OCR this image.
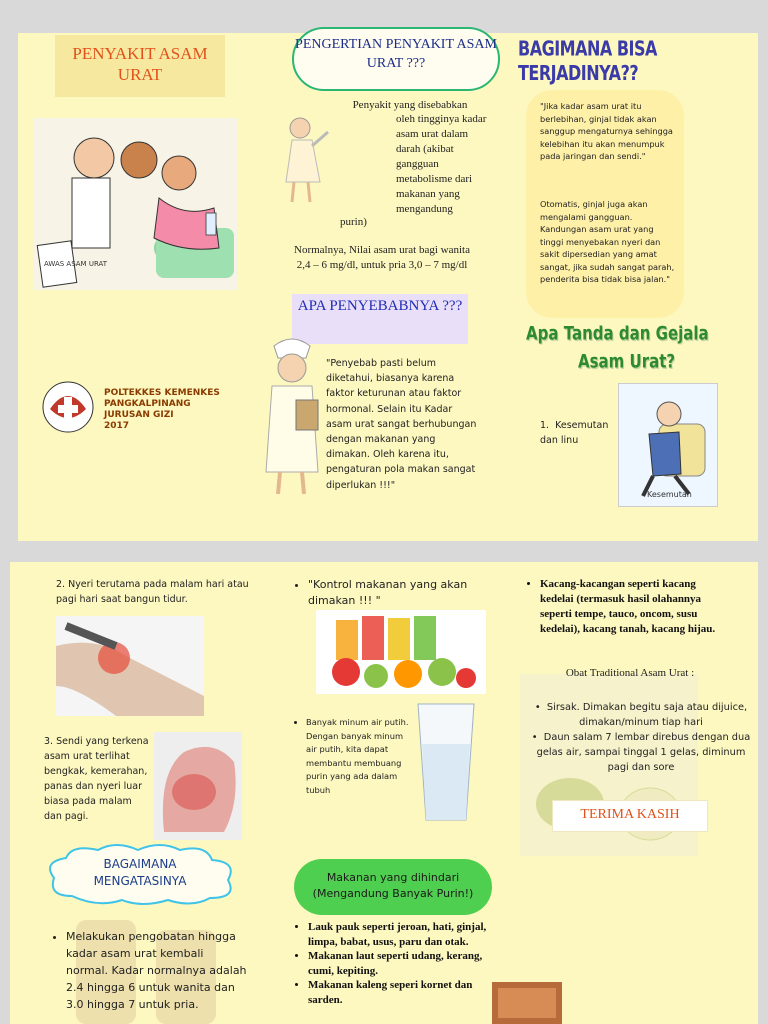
PENYAKIT ASAM URAT
AWAS ASAM URAT
PENGERTIAN PENYAKIT ASAM URAT ???
BAGIMANA BISA TERJADINYA??
Penyakit yang disebabkan
oleh tingginya kadar asam urat dalam darah (akibat gangguan metabolisme dari makanan yang mengandung
purin)
Normalnya, Nilai asam urat bagi wanita 2,4 – 6 mg/dl, untuk pria 3,0 – 7 mg/dl
APA PENYEBABNYA ???
"Penyebab pasti belum diketahui, biasanya karena faktor keturunan atau faktor hormonal. Selain itu Kadar asam urat sangat berhubungan dengan makanan yang dimakan. Oleh karena itu, pengaturan pola makan sangat diperlukan !!!"
POLTEKKES KEMENKES
PANGKALPINANG
JURUSAN GIZI
2017
"Jika kadar asam urat itu berlebihan, ginjal tidak akan sanggup mengaturnya sehingga kelebihan itu akan menumpuk pada jaringan dan sendi."
Otomatis, ginjal juga akan mengalami gangguan. Kandungan asam urat yang tinggi menyebakan nyeri dan sakit dipersedian yang amat sangat, jika sudah sangat parah, penderita bisa tidak bisa jalan."
Apa Tanda dan Gejala
Asam Urat?
1.  Kesemutan dan linu
Kesemutan
2. Nyeri terutama pada malam hari atau pagi hari saat bangun tidur.
3. Sendi yang terkena asam urat terlihat bengkak, kemerahan, panas dan nyeri luar biasa pada malam dan pagi.
BAGAIMANA MENGATASINYA
• Melakukan pengobatan hingga kadar asam urat kembali normal. Kadar normalnya adalah 2.4 hingga 6 untuk wanita dan 3.0 hingga 7 untuk pria.
• "Kontrol makanan yang akan dimakan !!! "
• Banyak minum air putih. Dengan banyak minum air putih, kita dapat membantu membuang purin yang ada dalam tubuh
Makanan yang dihindari (Mengandung Banyak Purin!)
• Lauk pauk seperti jeroan, hati, ginjal, limpa, babat, usus, paru dan otak.
• Makanan laut seperti udang, kerang, cumi, kepiting.
• Makanan kaleng seperi kornet dan sarden.
• Kacang-kacangan seperti kacang kedelai (termasuk hasil olahannya seperti tempe, tauco, oncom, susu kedelai), kacang tanah, kacang hijau.
Obat Traditional Asam Urat :
•  Sirsak. Dimakan begitu saja atau dijuice, dimakan/minum tiap hari
•  Daun salam 7 lembar direbus dengan dua gelas air, sampai tinggal 1 gelas, diminum pagi dan sore
TERIMA KASIH
